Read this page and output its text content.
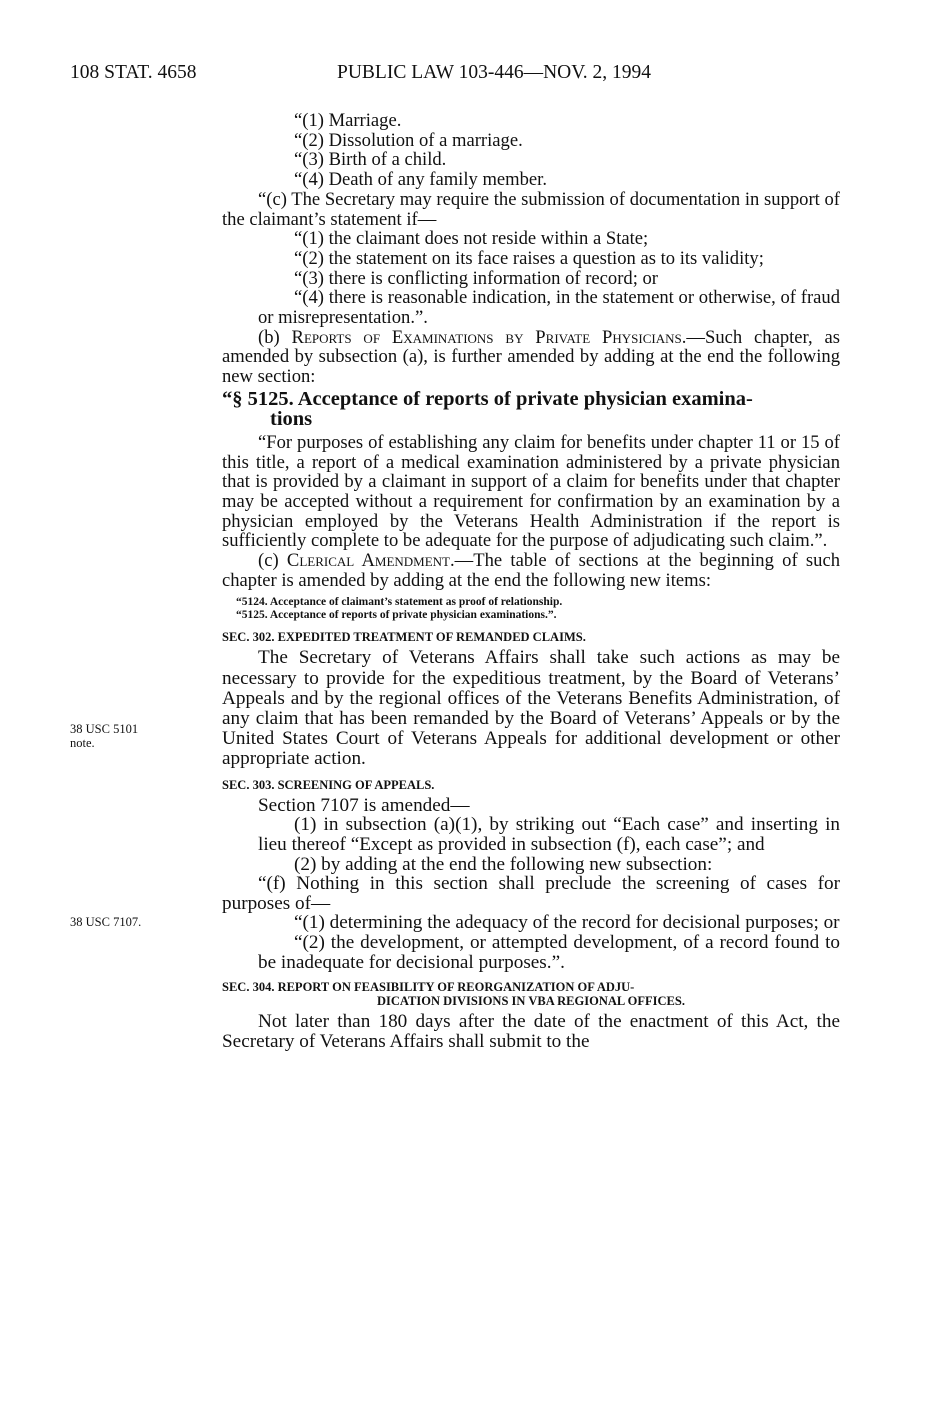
108 STAT. 4658	PUBLIC LAW 103-446—NOV. 2, 1994
38 USC 5101
note.
38 USC 7107.

“(1) Marriage.

“(2) Dissolution of a marriage.

“(3) Birth of a child.

“(4) Death of any family member.

“(c) The Secretary may require the submission of documentation in support of the claimant’s statement if—

“(1) the claimant does not reside within a State;

“(2) the statement on its face raises a question as to its validity;

“(3) there is conflicting information of record; or

“(4) there is reasonable indication, in the statement or otherwise, of fraud or misrepresentation.”.

(b) Reports of Examinations by Private Physicians.—Such chapter, as amended by subsection (a), is further amended by adding at the end the following new section:

“§ 5125. Acceptance of reports of private physician examina-
tions

“For purposes of establishing any claim for benefits under chapter 11 or 15 of this title, a report of a medical examination administered by a private physician that is provided by a claimant in support of a claim for benefits under that chapter may be accepted without a requirement for confirmation by an examination by a physician employed by the Veterans Health Administration if the report is sufficiently complete to be adequate for the purpose of adjudicating such claim.”.

(c) Clerical Amendment.—The table of sections at the beginning of such chapter is amended by adding at the end the following new items:

“5124. Acceptance of claimant’s statement as proof of relationship.

“5125. Acceptance of reports of private physician examinations.”.

SEC. 302. EXPEDITED TREATMENT OF REMANDED CLAIMS.

The Secretary of Veterans Affairs shall take such actions as may be necessary to provide for the expeditious treatment, by the Board of Veterans’ Appeals and by the regional offices of the Veterans Benefits Administration, of any claim that has been remanded by the Board of Veterans’ Appeals or by the United States Court of Veterans Appeals for additional development or other appropriate action.

SEC. 303. SCREENING OF APPEALS.

Section 7107 is amended—

(1) in subsection (a)(1), by striking out “Each case” and inserting in lieu thereof “Except as provided in subsection (f), each case”; and

(2) by adding at the end the following new subsection:

“(f) Nothing in this section shall preclude the screening of cases for purposes of—

“(1) determining the adequacy of the record for decisional purposes; or

“(2) the development, or attempted development, of a record found to be inadequate for decisional purposes.”.

SEC. 304. REPORT ON FEASIBILITY OF REORGANIZATION OF ADJU-
DICATION DIVISIONS IN VBA REGIONAL OFFICES.

Not later than 180 days after the date of the enactment of this Act, the Secretary of Veterans Affairs shall submit to the
